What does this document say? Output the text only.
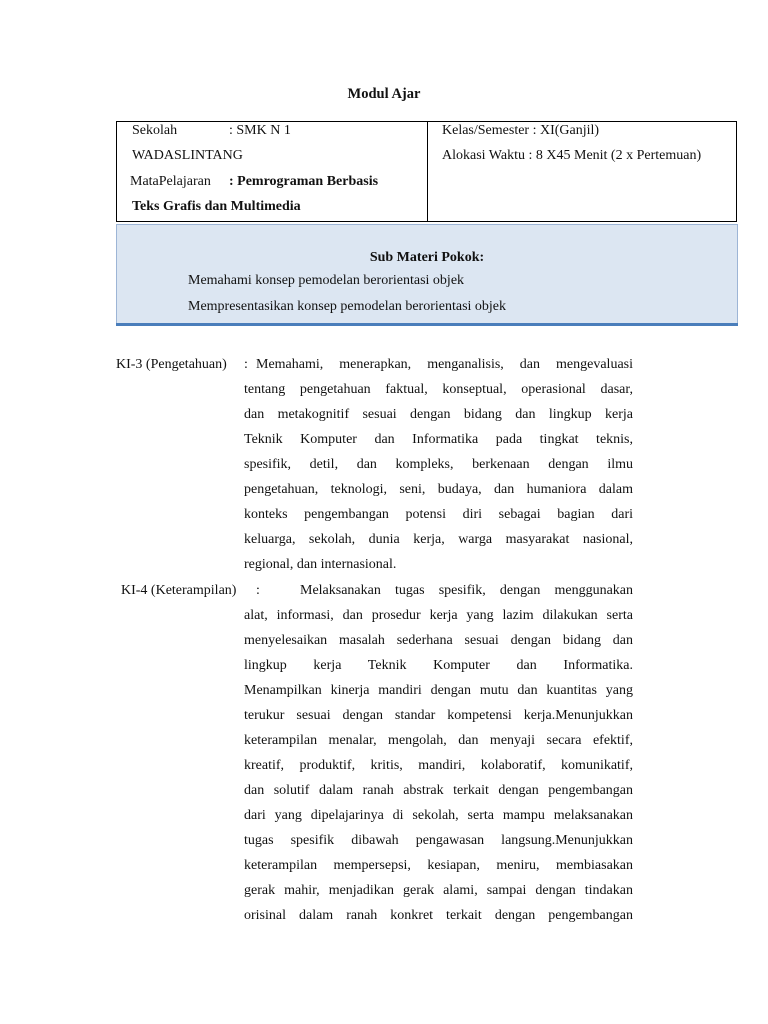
Modul Ajar
Sekolah	: SMK N 1
WADASLINTANG
MataPelajaran : Pemrograman Berbasis
Teks Grafis dan Multimedia
Kelas/Semester : XI(Ganjil)
Alokasi Waktu : 8 X45 Menit (2 x Pertemuan)
Sub Materi Pokok:
Memahami konsep pemodelan berorientasi objek
Mempresentasikan konsep pemodelan berorientasi objek
KI-3 (Pengetahuan) : Memahami, menerapkan, menganalisis, dan mengevaluasi
tentang pengetahuan faktual, konseptual, operasional dasar,
dan metakognitif sesuai dengan bidang dan lingkup kerja
Teknik Komputer dan Informatika pada tingkat teknis,
spesifik, detil, dan kompleks, berkenaan dengan ilmu
pengetahuan, teknologi, seni, budaya, dan humaniora dalam
konteks pengembangan potensi diri sebagai bagian dari
keluarga, sekolah, dunia kerja, warga masyarakat nasional,
regional, dan internasional.
KI-4 (Keterampilan) :	Melaksanakan tugas spesifik, dengan menggunakan
alat, informasi, dan prosedur kerja yang lazim dilakukan serta
menyelesaikan masalah sederhana sesuai dengan bidang dan
lingkup kerja Teknik Komputer dan Informatika.
Menampilkan kinerja mandiri dengan mutu dan kuantitas yang
terukur sesuai dengan standar kompetensi kerja.Menunjukkan
keterampilan menalar, mengolah, dan menyaji secara efektif,
kreatif, produktif, kritis, mandiri, kolaboratif, komunikatif,
dan solutif dalam ranah abstrak terkait dengan pengembangan
dari yang dipelajarinya di sekolah, serta mampu melaksanakan
tugas spesifik dibawah pengawasan langsung.Menunjukkan
keterampilan mempersepsi, kesiapan, meniru, membiasakan
gerak mahir, menjadikan gerak alami, sampai dengan tindakan
orisinal dalam ranah konkret terkait dengan pengembangan
